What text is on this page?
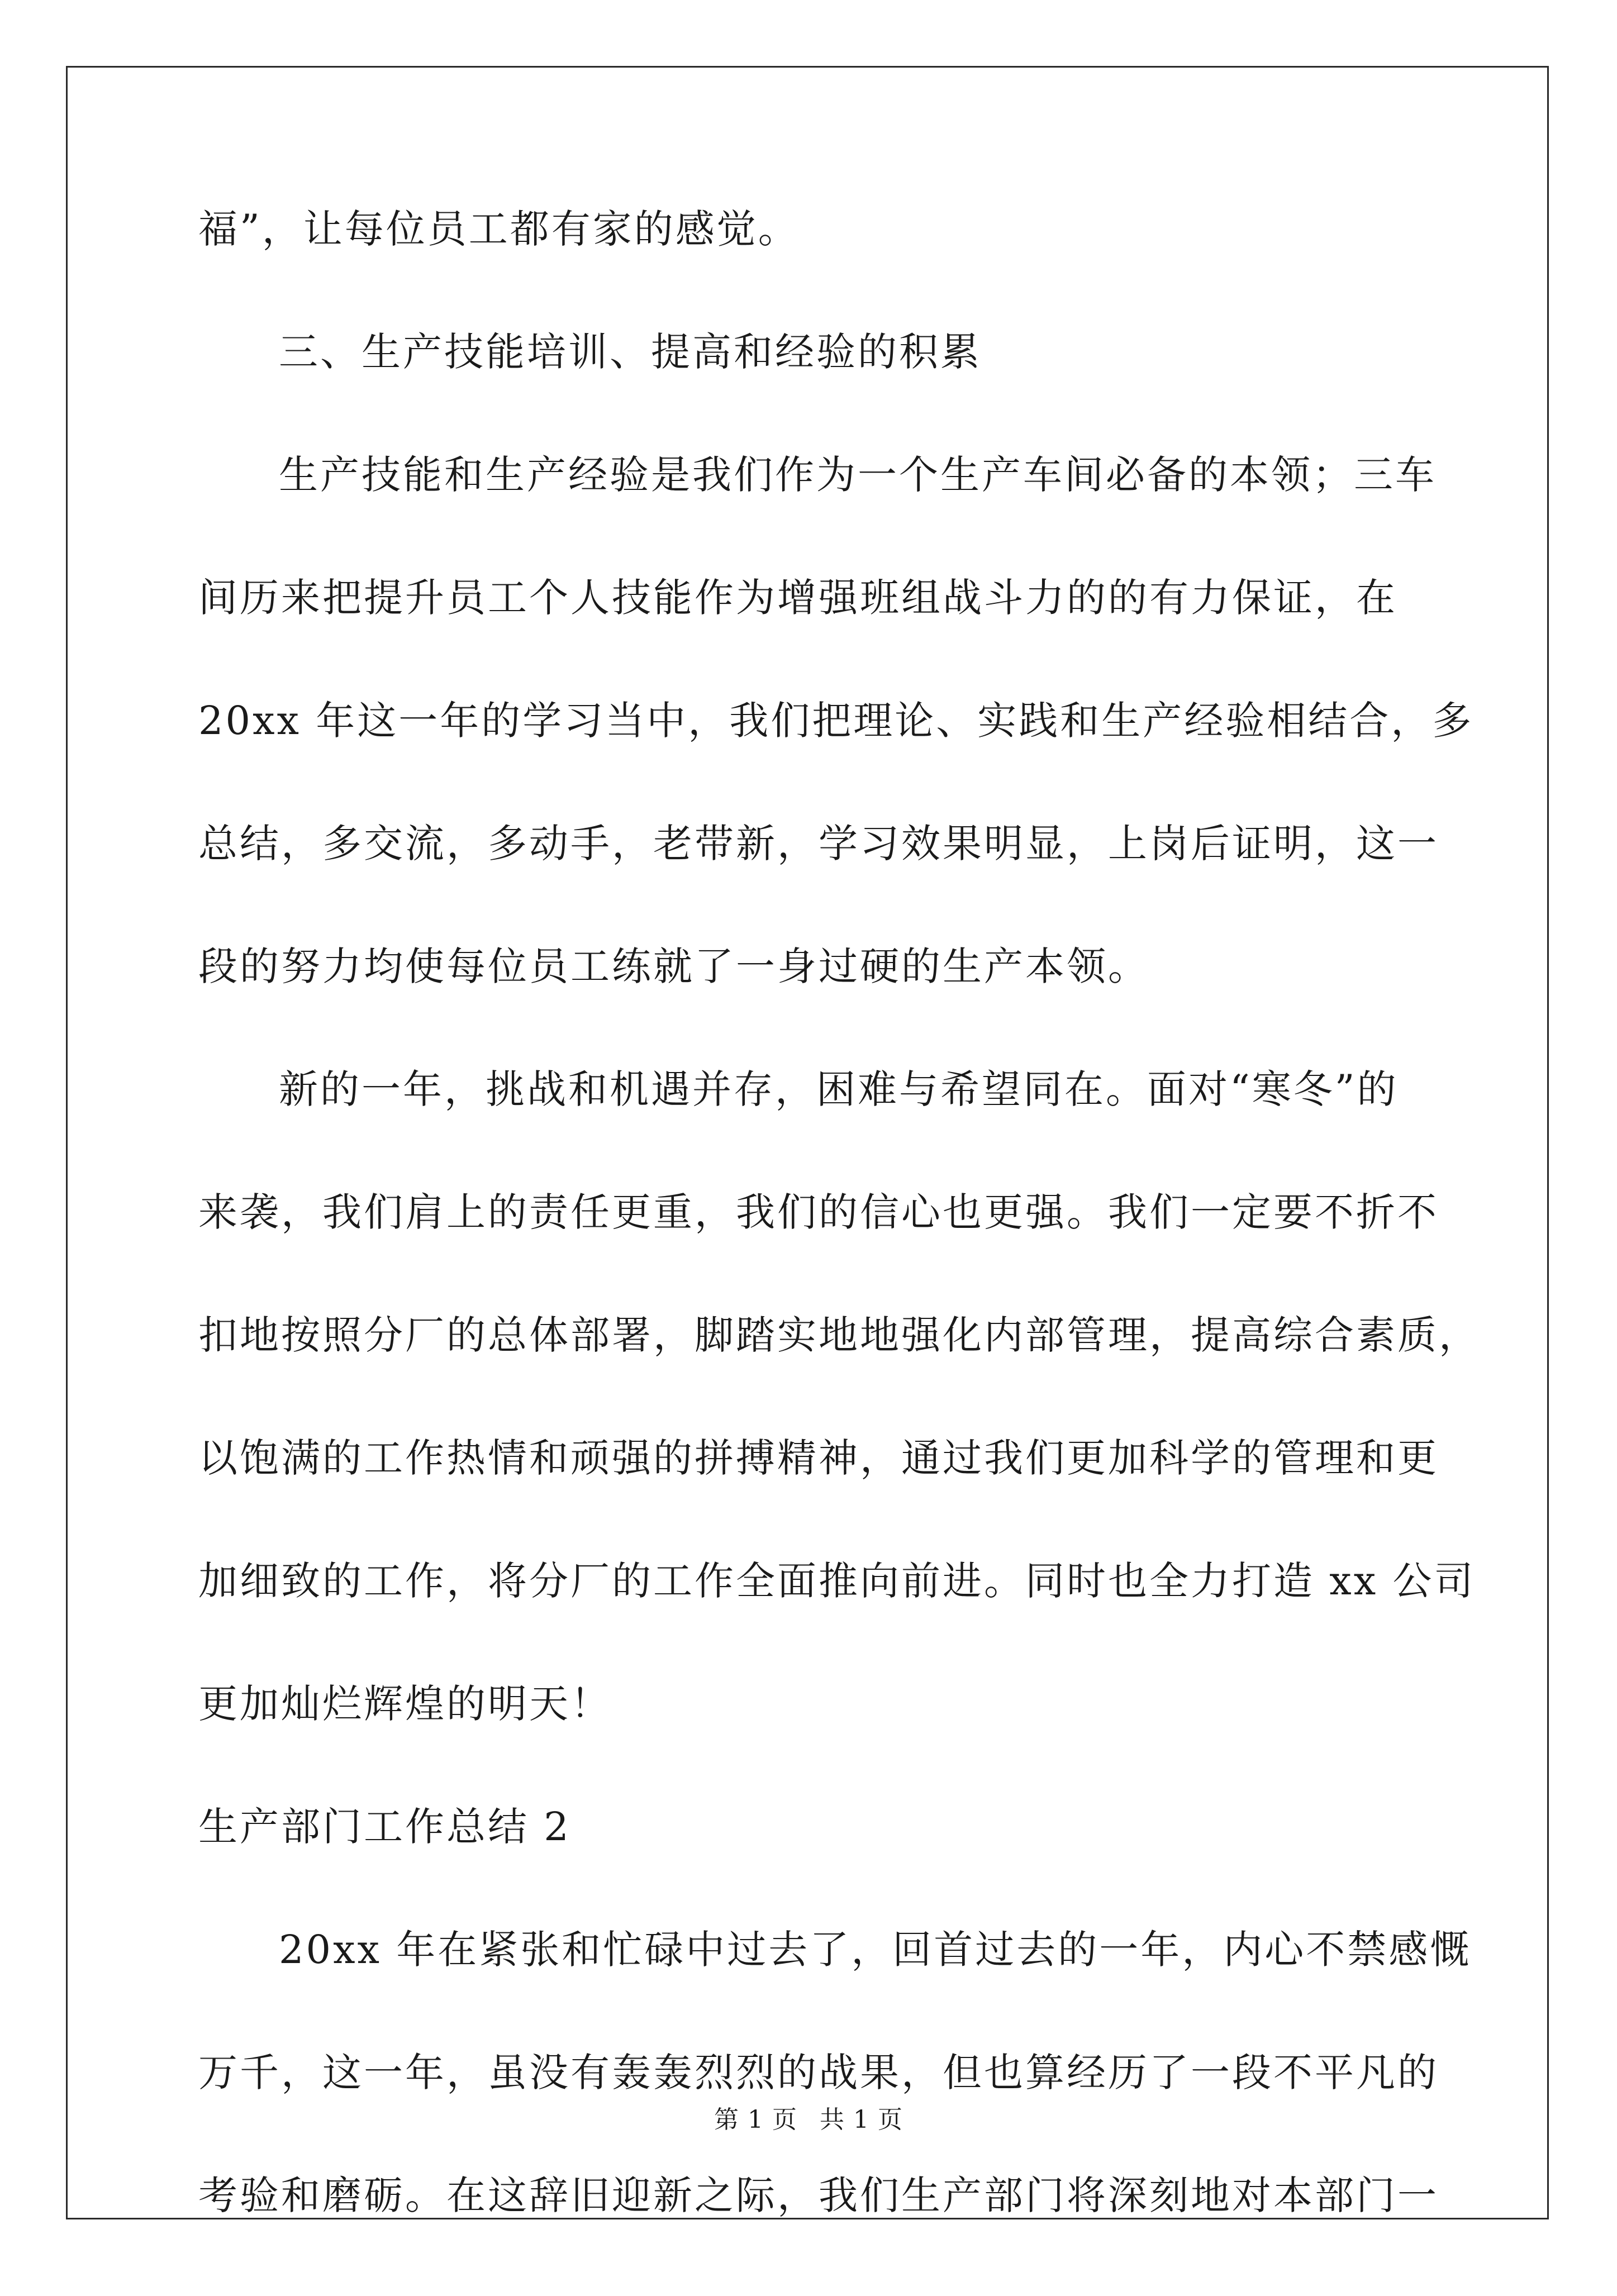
福”，让每位员工都有家的感觉。
三、生产技能培训、提高和经验的积累
生产技能和生产经验是我们作为一个生产车间必备的本领；三车
间历来把提升员工个人技能作为增强班组战斗力的的有力保证，在
20xx 年这一年的学习当中，我们把理论、实践和生产经验相结合，多
总结，多交流，多动手，老带新，学习效果明显，上岗后证明，这一
段的努力均使每位员工练就了一身过硬的生产本领。
新的一年，挑战和机遇并存，困难与希望同在。面对“寒冬”的
来袭，我们肩上的责任更重，我们的信心也更强。我们一定要不折不
扣地按照分厂的总体部署，脚踏实地地强化内部管理，提高综合素质，
以饱满的工作热情和顽强的拼搏精神，通过我们更加科学的管理和更
加细致的工作，将分厂的工作全面推向前进。同时也全力打造 xx 公司
更加灿烂辉煌的明天！
生产部门工作总结 2
20xx 年在紧张和忙碌中过去了，回首过去的一年，内心不禁感慨
万千，这一年，虽没有轰轰烈烈的战果，但也算经历了一段不平凡的
考验和磨砺。在这辞旧迎新之际，我们生产部门将深刻地对本部门一
第 1 页 共 1 页
